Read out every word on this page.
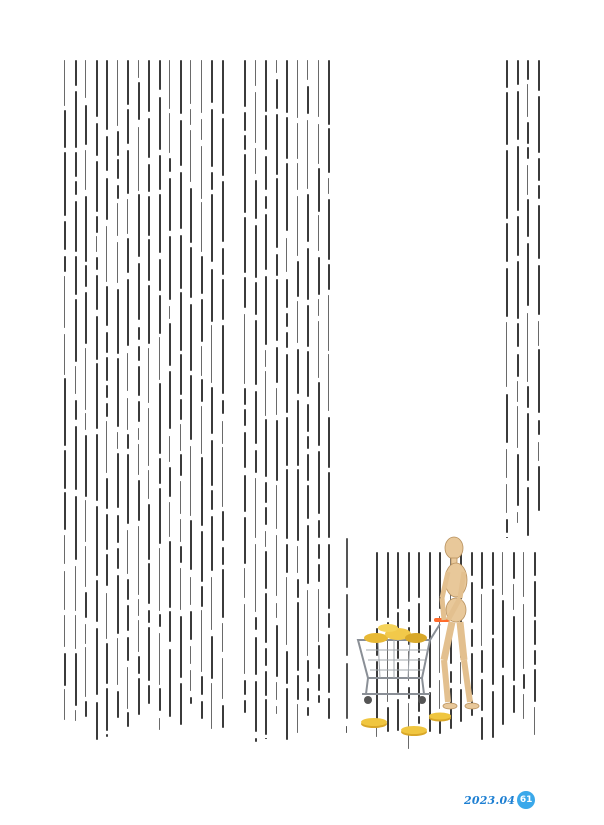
2023.04 61
